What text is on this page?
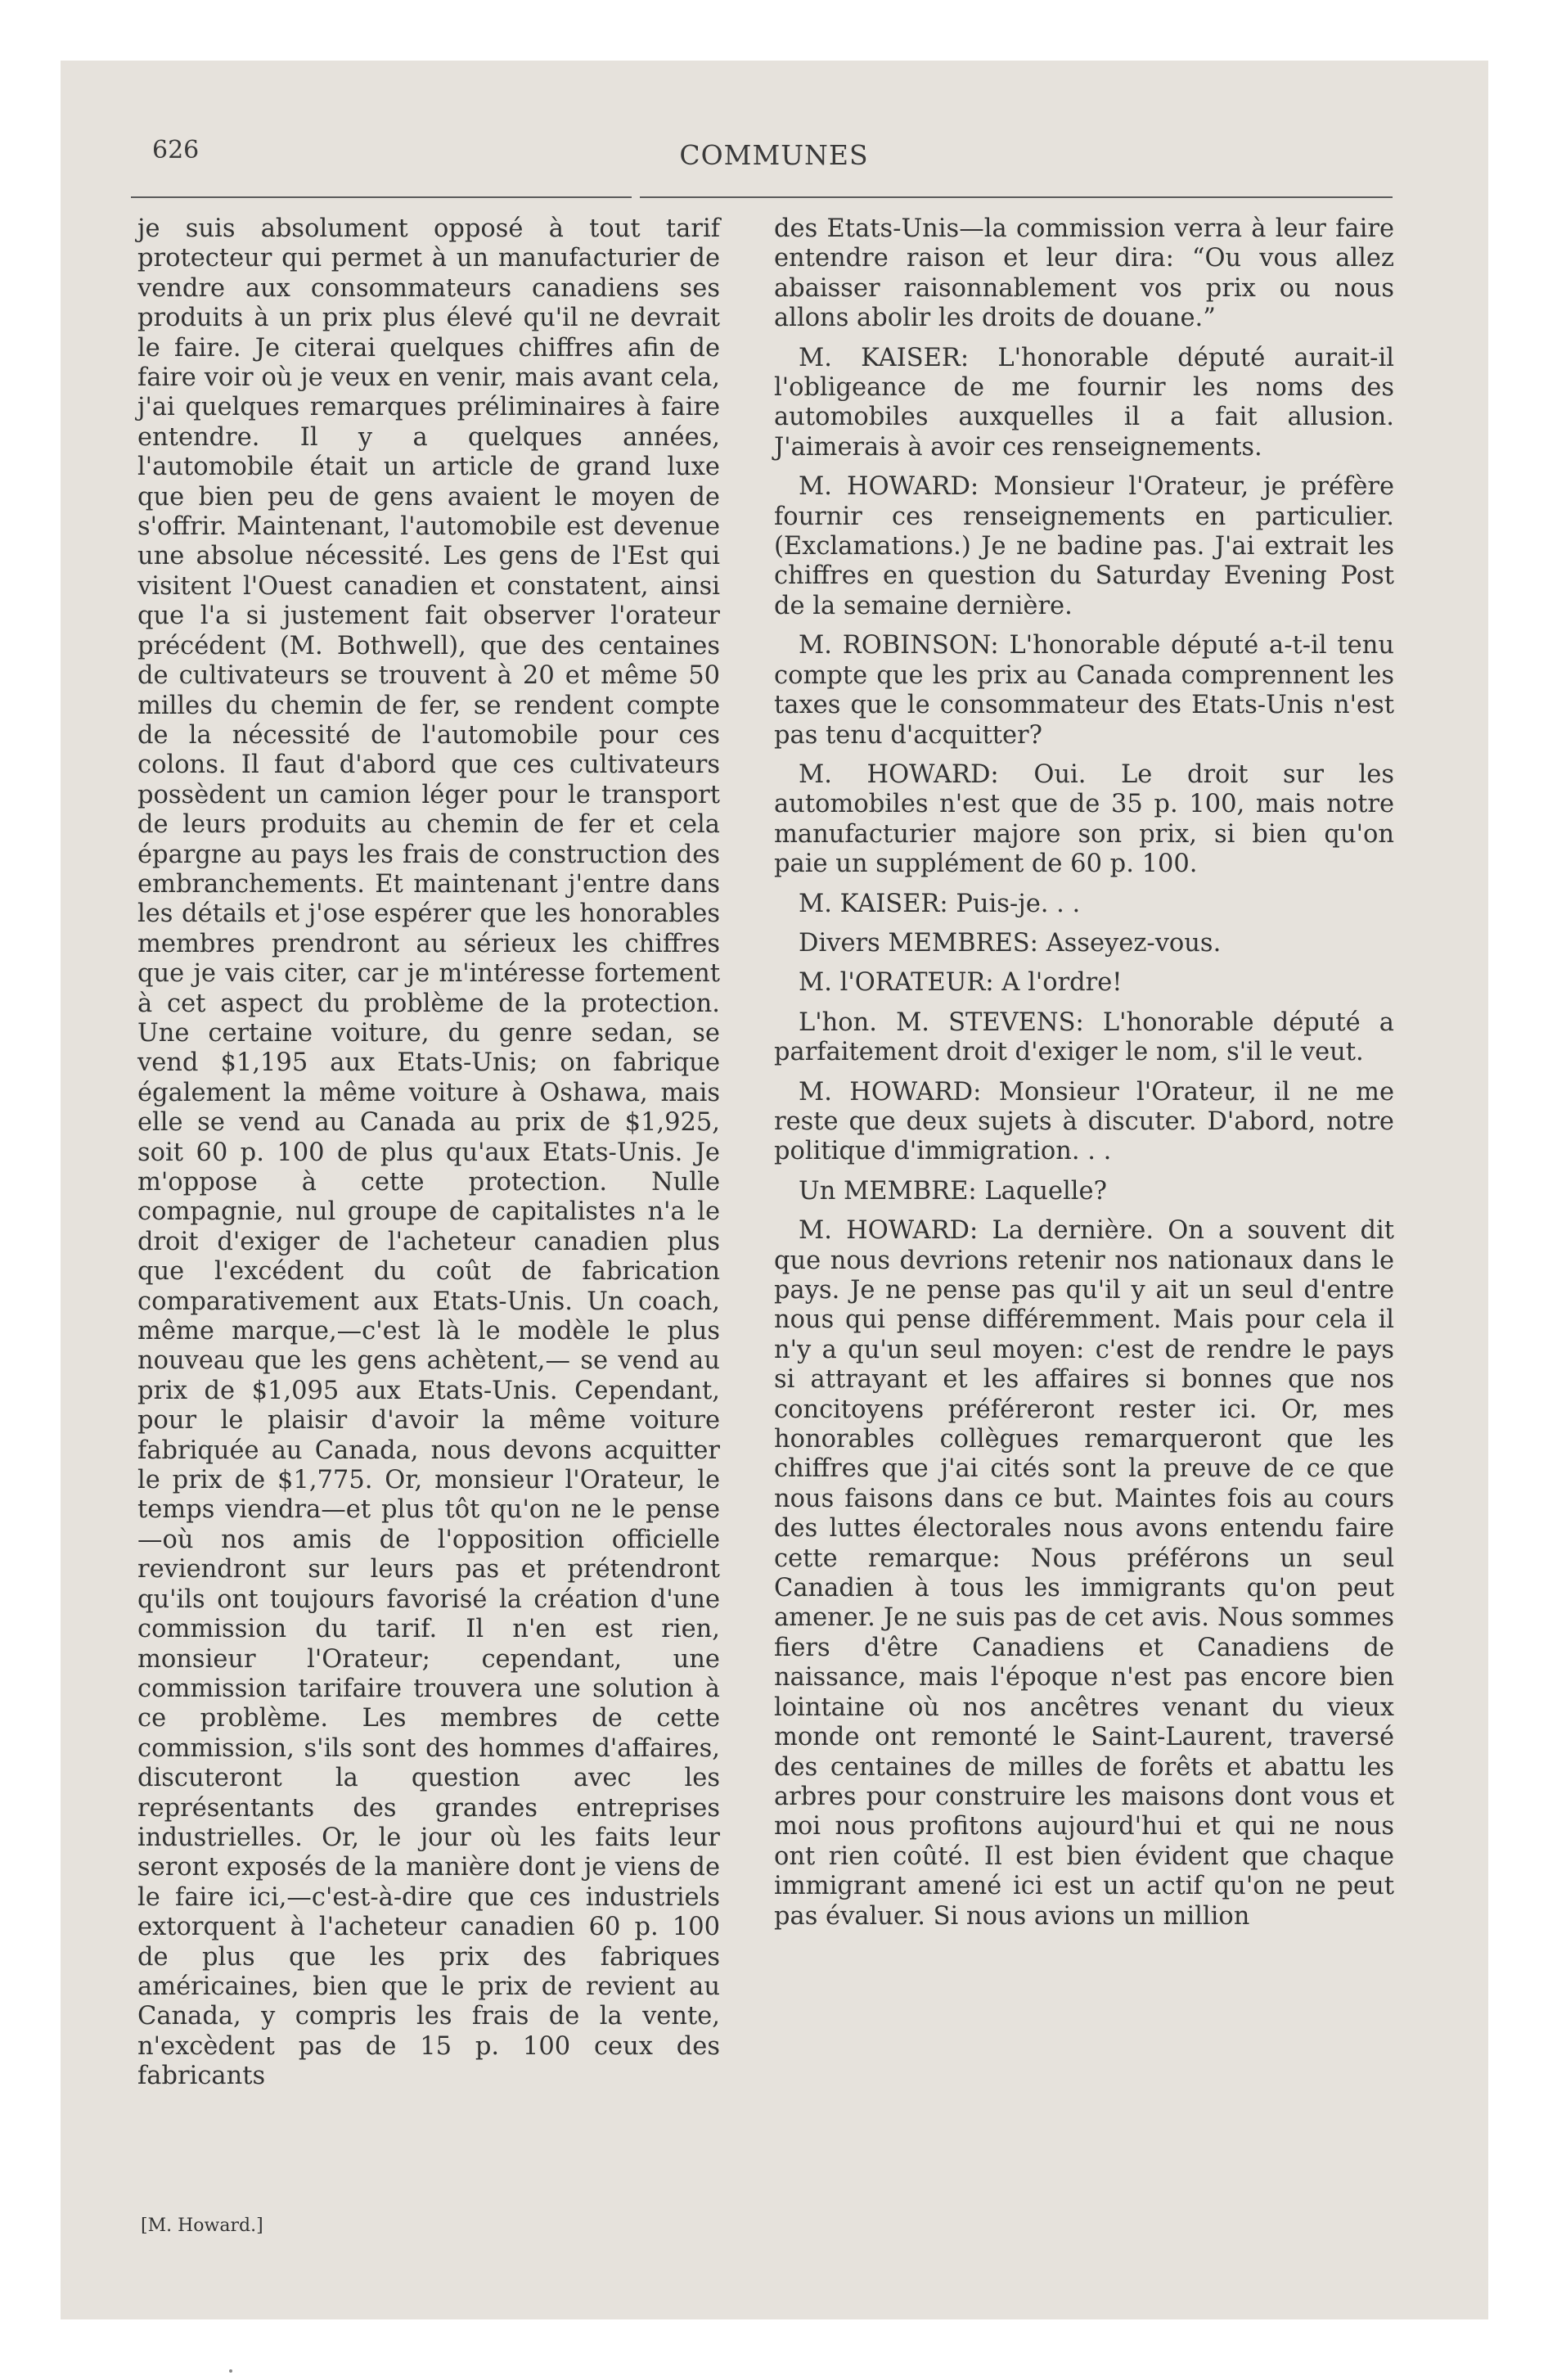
626	COMMUNES

je suis absolument opposé à tout tarif protecteur qui permet à un manufacturier de vendre aux consommateurs canadiens ses produits à un prix plus élevé qu'il ne devrait le faire. Je citerai quelques chiffres afin de faire voir où je veux en venir, mais avant cela, j'ai quelques remarques préliminaires à faire entendre. Il y a quelques années, l'automobile était un article de grand luxe que bien peu de gens avaient le moyen de s'offrir. Maintenant, l'automobile est devenue une absolue nécessité. Les gens de l'Est qui visitent l'Ouest canadien et constatent, ainsi que l'a si justement fait observer l'orateur précédent (M. Bothwell), que des centaines de cultivateurs se trouvent à 20 et même 50 milles du chemin de fer, se rendent compte de la nécessité de l'automobile pour ces colons. Il faut d'abord que ces cultivateurs possèdent un camion léger pour le transport de leurs produits au chemin de fer et cela épargne au pays les frais de construction des embranchements. Et maintenant j'entre dans les détails et j'ose espérer que les honorables membres prendront au sérieux les chiffres que je vais citer, car je m'intéresse fortement à cet aspect du problème de la protection. Une certaine voiture, du genre sedan, se vend $1,195 aux Etats-Unis; on fabrique également la même voiture à Oshawa, mais elle se vend au Canada au prix de $1,925, soit 60 p. 100 de plus qu'aux Etats-Unis. Je m'oppose à cette protection. Nulle compagnie, nul groupe de capitalistes n'a le droit d'exiger de l'acheteur canadien plus que l'excédent du coût de fabrication comparativement aux Etats-Unis. Un coach, même marque,—c'est là le modèle le plus nouveau que les gens achètent,— se vend au prix de $1,095 aux Etats-Unis. Cependant, pour le plaisir d'avoir la même voiture fabriquée au Canada, nous devons acquitter le prix de $1,775. Or, monsieur l'Orateur, le temps viendra—et plus tôt qu'on ne le pense—où nos amis de l'opposition officielle reviendront sur leurs pas et prétendront qu'ils ont toujours favorisé la création d'une commission du tarif. Il n'en est rien, monsieur l'Orateur; cependant, une commission tarifaire trouvera une solution à ce problème. Les membres de cette commission, s'ils sont des hommes d'affaires, discuteront la question avec les représentants des grandes entreprises industrielles. Or, le jour où les faits leur seront exposés de la manière dont je viens de le faire ici,—c'est-à-dire que ces industriels extorquent à l'acheteur canadien 60 p. 100 de plus que les prix des fabriques américaines, bien que le prix de revient au Canada, y compris les frais de la vente, n'excèdent pas de 15 p. 100 ceux des fabricants

des Etats-Unis—la commission verra à leur faire entendre raison et leur dira: “Ou vous allez abaisser raisonnablement vos prix ou nous allons abolir les droits de douane.”

M. KAISER: L'honorable député aurait-il l'obligeance de me fournir les noms des automobiles auxquelles il a fait allusion. J'aimerais à avoir ces renseignements.

M. HOWARD: Monsieur l'Orateur, je préfère fournir ces renseignements en particulier. (Exclamations.) Je ne badine pas. J'ai extrait les chiffres en question du Saturday Evening Post de la semaine dernière.

M. ROBINSON: L'honorable député a-t-il tenu compte que les prix au Canada comprennent les taxes que le consommateur des Etats-Unis n'est pas tenu d'acquitter?

M. HOWARD: Oui. Le droit sur les automobiles n'est que de 35 p. 100, mais notre manufacturier majore son prix, si bien qu'on paie un supplément de 60 p. 100.

M. KAISER: Puis-je. . .

Divers MEMBRES: Asseyez-vous.

M. l'ORATEUR: A l'ordre!

L'hon. M. STEVENS: L'honorable député a parfaitement droit d'exiger le nom, s'il le veut.

M. HOWARD: Monsieur l'Orateur, il ne me reste que deux sujets à discuter. D'abord, notre politique d'immigration. . .

Un MEMBRE: Laquelle?

M. HOWARD: La dernière. On a souvent dit que nous devrions retenir nos nationaux dans le pays. Je ne pense pas qu'il y ait un seul d'entre nous qui pense différemment. Mais pour cela il n'y a qu'un seul moyen: c'est de rendre le pays si attrayant et les affaires si bonnes que nos concitoyens préféreront rester ici. Or, mes honorables collègues remarqueront que les chiffres que j'ai cités sont la preuve de ce que nous faisons dans ce but. Maintes fois au cours des luttes électorales nous avons entendu faire cette remarque: Nous préférons un seul Canadien à tous les immigrants qu'on peut amener. Je ne suis pas de cet avis. Nous sommes fiers d'être Canadiens et Canadiens de naissance, mais l'époque n'est pas encore bien lointaine où nos ancêtres venant du vieux monde ont remonté le Saint-Laurent, traversé des centaines de milles de forêts et abattu les arbres pour construire les maisons dont vous et moi nous profitons aujourd'hui et qui ne nous ont rien coûté. Il est bien évident que chaque immigrant amené ici est un actif qu'on ne peut pas évaluer. Si nous avions un million

[M. Howard.]
